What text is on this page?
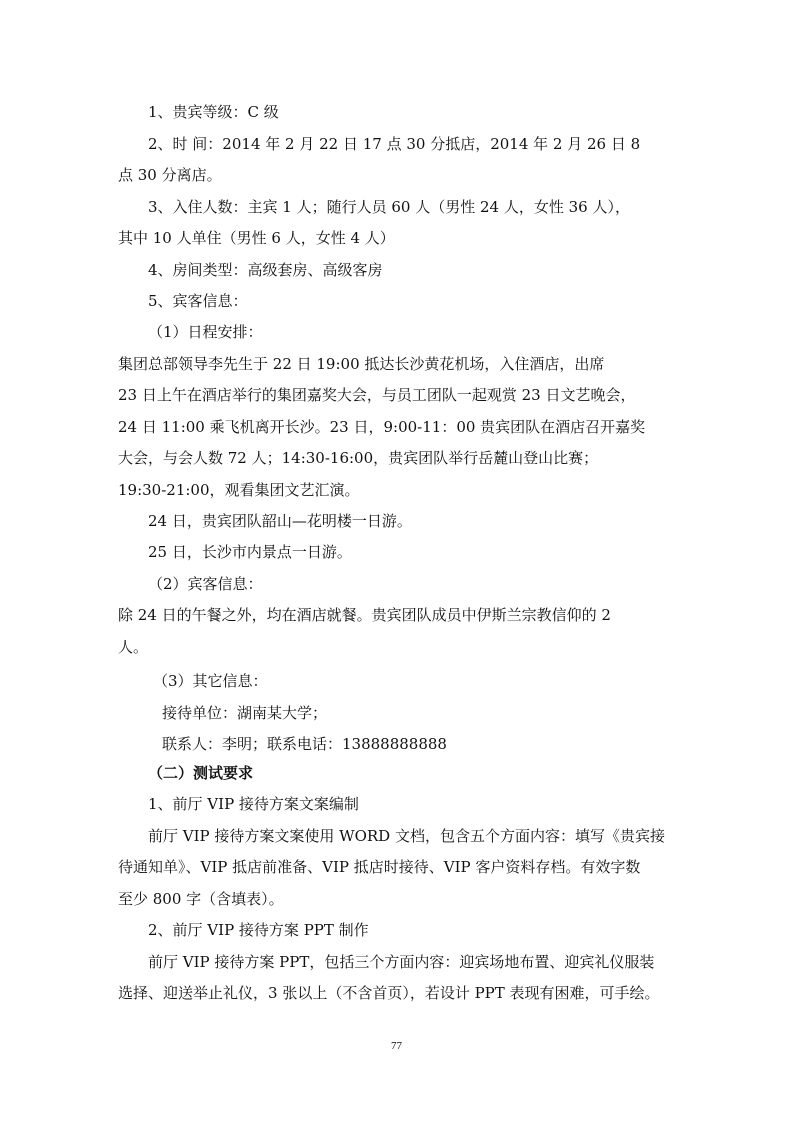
1、贵宾等级：C 级
2、时 间：2014 年 2 月 22 日 17 点 30 分抵店，2014 年 2 月 26 日 8
点 30 分离店。
3、入住人数：主宾 1 人；随行人员 60 人（男性 24 人，女性 36 人），
其中 10 人单住（男性 6 人，女性 4 人）
4、房间类型：高级套房、高级客房
5、宾客信息：
（1）日程安排：
集团总部领导李先生于 22 日 19:00 抵达长沙黄花机场，入住酒店，出席
23 日上午在酒店举行的集团嘉奖大会，与员工团队一起观赏 23 日文艺晚会，
24 日 11:00 乘飞机离开长沙。23 日，9:00-11：00 贵宾团队在酒店召开嘉奖
大会，与会人数 72 人；14:30-16:00，贵宾团队举行岳麓山登山比赛；
19:30-21:00，观看集团文艺汇演。
24 日，贵宾团队韶山—花明楼一日游。
25 日，长沙市内景点一日游。
（2）宾客信息：
除 24 日的午餐之外，均在酒店就餐。贵宾团队成员中伊斯兰宗教信仰的 2
人。
（3）其它信息：
接待单位：湖南某大学；
联系人：李明；联系电话：13888888888
（二）测试要求
1、前厅 VIP 接待方案文案编制
前厅 VIP 接待方案文案使用 WORD 文档，包含五个方面内容：填写《贵宾接
待通知单》、VIP 抵店前准备、VIP 抵店时接待、VIP 客户资料存档。有效字数
至少 800 字（含填表）。
2、前厅 VIP 接待方案 PPT 制作
前厅 VIP 接待方案 PPT，包括三个方面内容：迎宾场地布置、迎宾礼仪服装
选择、迎送举止礼仪，3 张以上（不含首页），若设计 PPT 表现有困难，可手绘。
77
